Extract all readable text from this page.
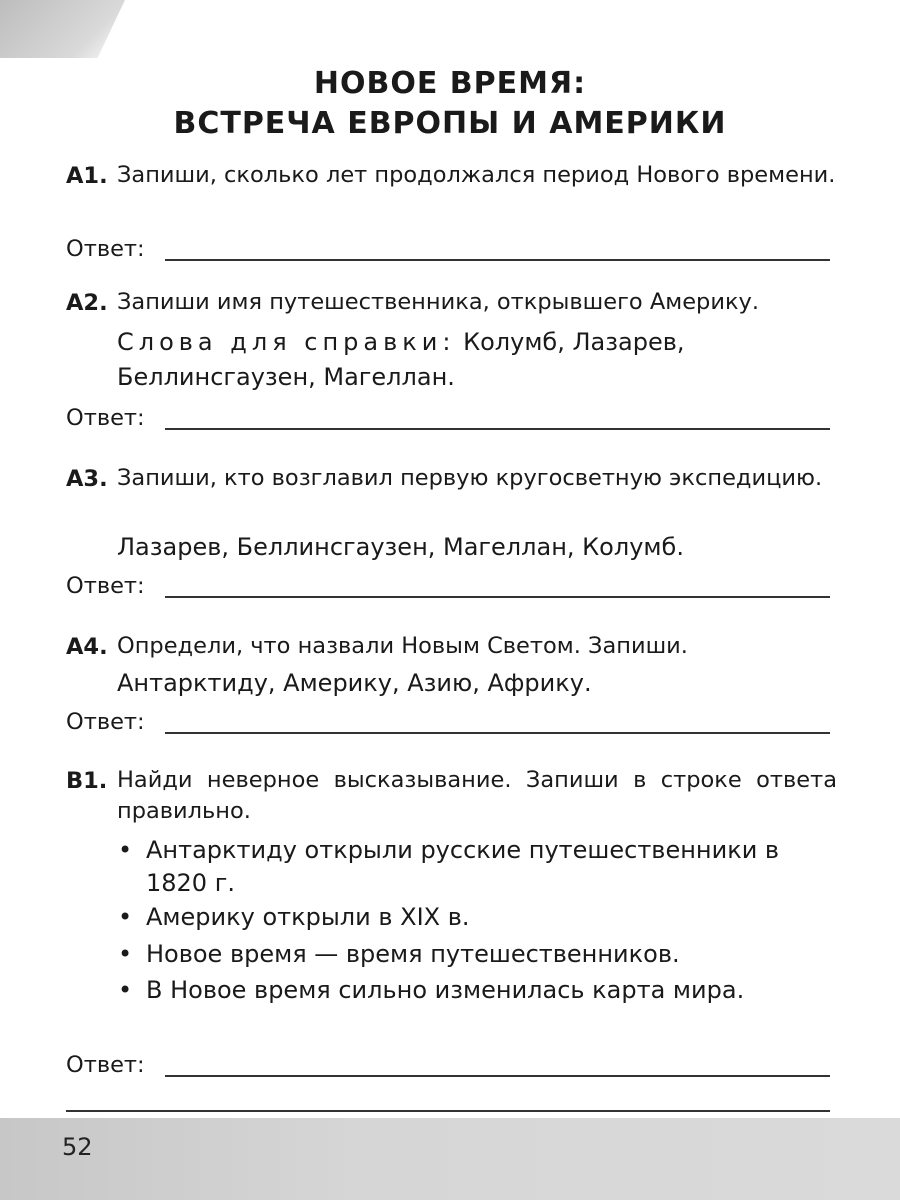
НОВОЕ ВРЕМЯ:
ВСТРЕЧА ЕВРОПЫ И АМЕРИКИ
A1. Запиши, сколько лет продолжался период Нового времени.
Ответ:
A2. Запиши имя путешественника, открывшего Америку.
Слова для справки: Колумб, Лазарев, Беллинсгаузен, Магеллан.
Ответ:
A3. Запиши, кто возглавил первую кругосветную экспедицию.
Лазарев, Беллинсгаузен, Магеллан, Колумб.
Ответ:
A4. Определи, что назвали Новым Светом. Запиши.
Антарктиду, Америку, Азию, Африку.
Ответ:
B1. Найди неверное высказывание. Запиши в строке ответа правильно.
• Антарктиду открыли русские путешественники в 1820 г.
• Америку открыли в XIX в.
• Новое время — время путешественников.
• В Новое время сильно изменилась карта мира.
Ответ:
52
